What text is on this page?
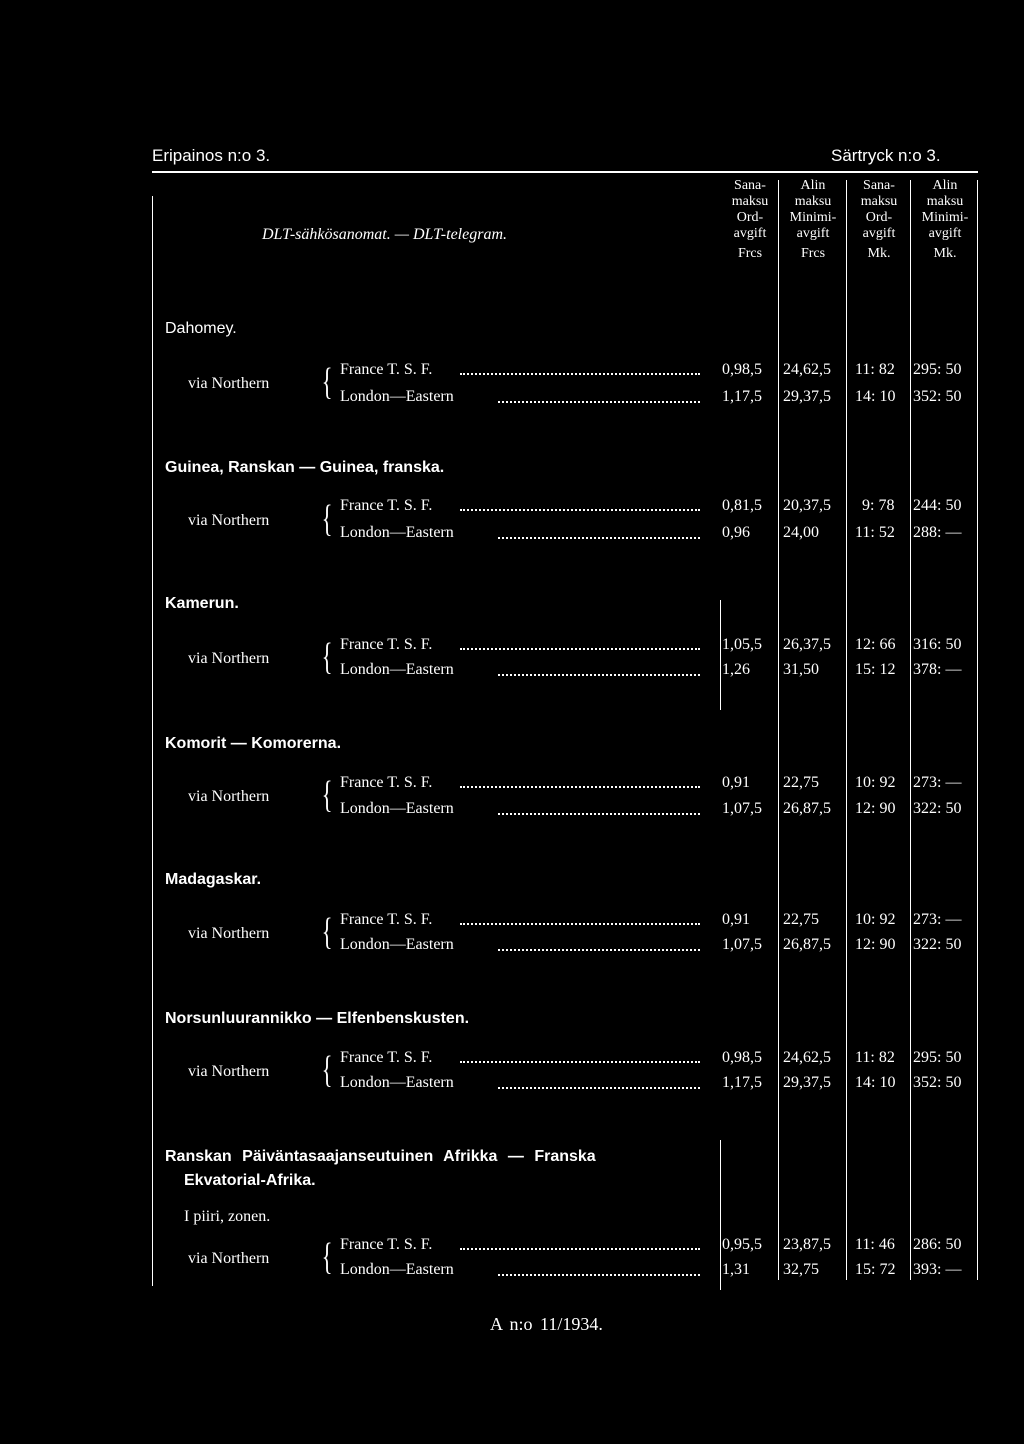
Eripainos n:o 3.	Särtryck n:o 3.
DLT-sähkösanomat. — DLT-telegram.
Sana-
maksu
Ord-
avgift
Frcs
Alin
maksu
Minimi-
avgift
Frcs
Sana-
maksu
Ord-
avgift
Mk.
Alin
maksu
Minimi-
avgift
Mk.
Dahomey.
via Northern { France T. S. F.	0,98,5 24,62,5 11: 82 295: 50
London—Eastern	1,17,5 29,37,5 14: 10 352: 50
Guinea, Ranskan — Guinea, franska.
via Northern { France T. S. F.	0,81,5 20,37,5 9: 78 244: 50
London—Eastern	0,96 24,00 11: 52 288: —
Kamerun.
via Northern { France T. S. F.	1,05,5 26,37,5 12: 66 316: 50
London—Eastern	1,26 31,50 15: 12 378: —
Komorit — Komorerna.
via Northern { France T. S. F.	0,91 22,75 10: 92 273: —
London—Eastern	1,07,5 26,87,5 12: 90 322: 50
Madagaskar.
via Northern { France T. S. F.	0,91 22,75 10: 92 273: —
London—Eastern	1,07,5 26,87,5 12: 90 322: 50
Norsunluurannikko — Elfenbenskusten.
via Northern { France T. S. F.	0,98,5 24,62,5 11: 82 295: 50
London—Eastern	1,17,5 29,37,5 14: 10 352: 50
Ranskan Päiväntasaajanseutuinen Afrikka — Franska
Ekvatorial-Afrika.
I piiri, zonen.
via Northern { France T. S. F.	0,95,5 23,87,5 11: 46 286: 50
London—Eastern	1,31 32,75 15: 72 393: —
A n:o 11/1934.
